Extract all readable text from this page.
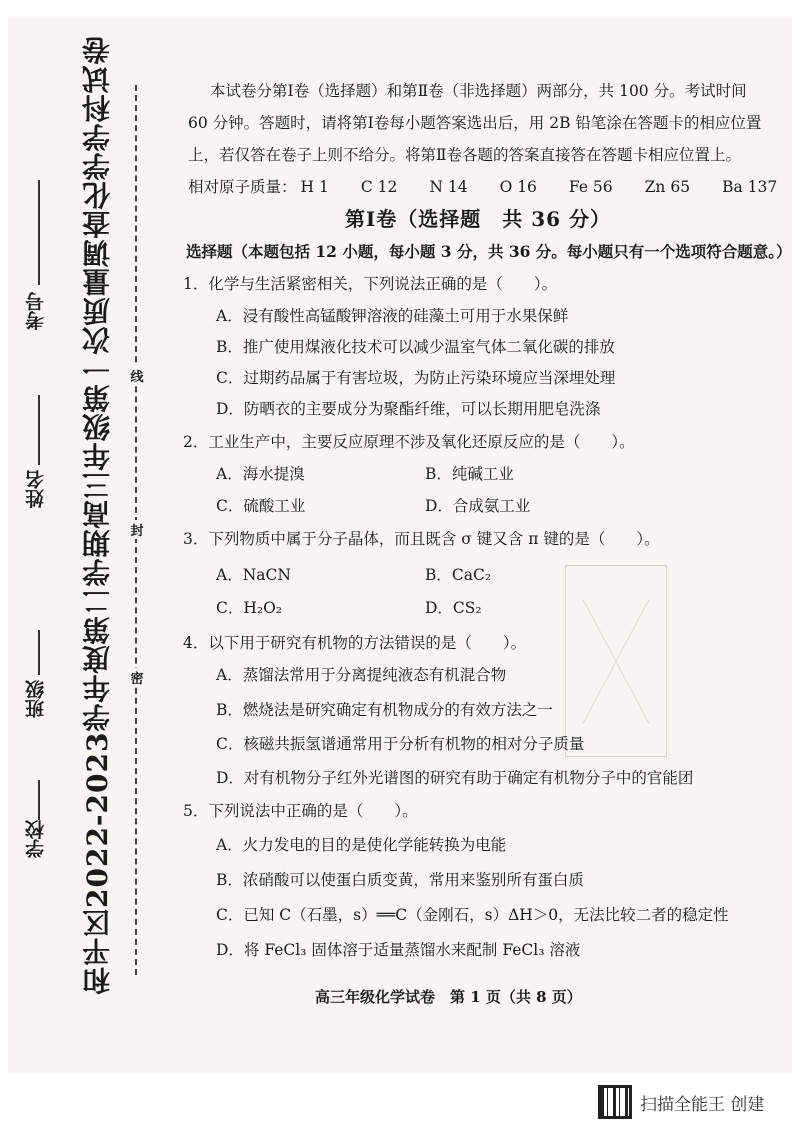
和平区2022-2023学年度第二学期高三年级第一次质量调查化学学科试卷
学校
班级
姓名
考号
线
封
密
本试卷分第Ⅰ卷（选择题）和第Ⅱ卷（非选择题）两部分，共 100 分。考试时间
60 分钟。答题时，请将第Ⅰ卷每小题答案选出后，用 2B 铅笔涂在答题卡的相应位置
上，若仅答在卷子上则不给分。将第Ⅱ卷各题的答案直接答在答题卡相应位置上。
相对原子质量： H 1 C 12 N 14 O 16 Fe 56 Zn 65 Ba 137
第Ⅰ卷（选择题　共 36 分）
选择题（本题包括 12 小题，每小题 3 分，共 36 分。每小题只有一个选项符合题意。）
1．化学与生活紧密相关，下列说法正确的是（　　）。
A．浸有酸性高锰酸钾溶液的硅藻土可用于水果保鲜
B．推广使用煤液化技术可以减少温室气体二氧化碳的排放
C．过期药品属于有害垃圾，为防止污染环境应当深埋处理
D．防晒衣的主要成分为聚酯纤维，可以长期用肥皂洗涤
2．工业生产中，主要反应原理不涉及氧化还原反应的是（　　）。
A．海水提溴	B．纯碱工业
C．硫酸工业	D．合成氨工业
3．下列物质中属于分子晶体，而且既含 σ 键又含 π 键的是（　　）。
A．NaCN	B．CaC₂
C．H₂O₂	D．CS₂
4．以下用于研究有机物的方法错误的是（　　）。
A．蒸馏法常用于分离提纯液态有机混合物
B．燃烧法是研究确定有机物成分的有效方法之一
C．核磁共振氢谱通常用于分析有机物的相对分子质量
D．对有机物分子红外光谱图的研究有助于确定有机物分子中的官能团
5．下列说法中正确的是（　　）。
A．火力发电的目的是使化学能转换为电能
B．浓硝酸可以使蛋白质变黄，常用来鉴别所有蛋白质
C．已知 C（石墨，s）══C（金刚石，s）ΔH＞0，无法比较二者的稳定性
D．将 FeCl₃ 固体溶于适量蒸馏水来配制 FeCl₃ 溶液
高三年级化学试卷　第 1 页（共 8 页）
扫描全能王 创建
